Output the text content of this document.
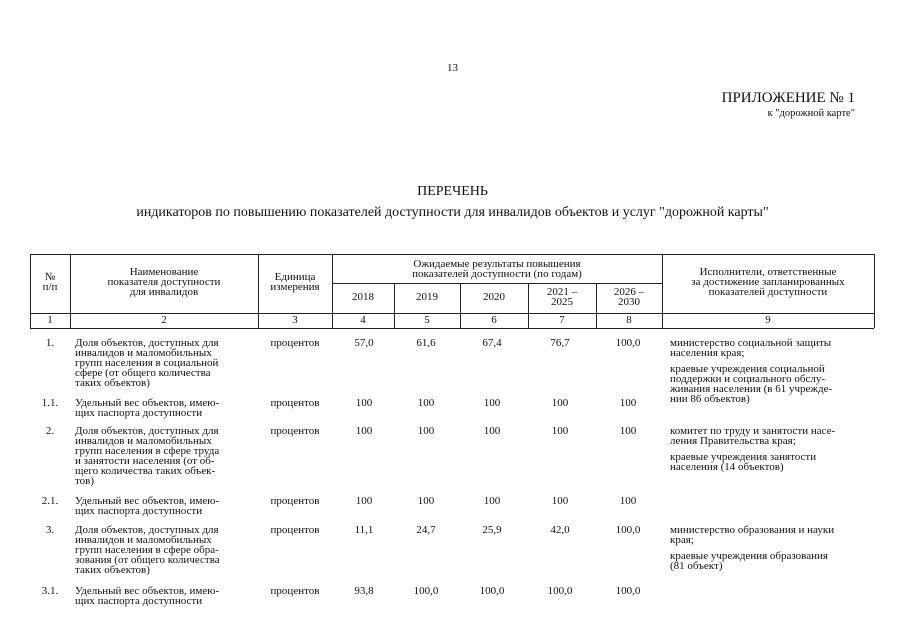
13
ПРИЛОЖЕНИЕ № 1
к "дорожной карте"
ПЕРЕЧЕНЬ
индикаторов по повышению показателей доступности для инвалидов объектов и услуг "дорожной карты"
№
п/п
Наименование
показателя доступности
для инвалидов
Единица
измерения
Ожидаемые результаты повышения
показателей доступности (по годам)
2018	2019	2020	2021 –
2025
2026 –
2030
Исполнители, ответственные
за достижение запланированных
показателей доступности
1	2	3	4	5	6	7	8	9
1.	Доля объектов, доступных для
инвалидов и маломобильных
групп населения в социальной
сфере (от общего количества
таких объектов)
процентов	57,0	61,6	67,4	76,7	100,0	министерство социальной защиты
населения края;

краевые учреждения социальной
поддержки и социального обслу-
живания населения (в 61 учрежде-
нии 86 объектов)

1.1.	Удельный вес объектов, имею-
щих паспорта доступности
процентов	100	100	100	100	100
2.	Доля объектов, доступных для
инвалидов и маломобильных
групп населения в сфере труда
и занятости населения (от об-
щего количества таких объек-
тов)
процентов	100	100	100	100	100	комитет по труду и занятости насе-
ления Правительства края;

краевые учреждения занятости
населения (14 объектов)

2.1.	Удельный вес объектов, имею-
щих паспорта доступности
процентов	100	100	100	100	100
3.	Доля объектов, доступных для
инвалидов и маломобильных
групп населения в сфере обра-
зования (от общего количества
таких объектов)
процентов	11,1	24,7	25,9	42,0	100,0	министерство образования и науки
края;

краевые учреждения образования
(81 объект)

3.1.	Удельный вес объектов, имею-
щих паспорта доступности
процентов	93,8	100,0	100,0	100,0	100,0
